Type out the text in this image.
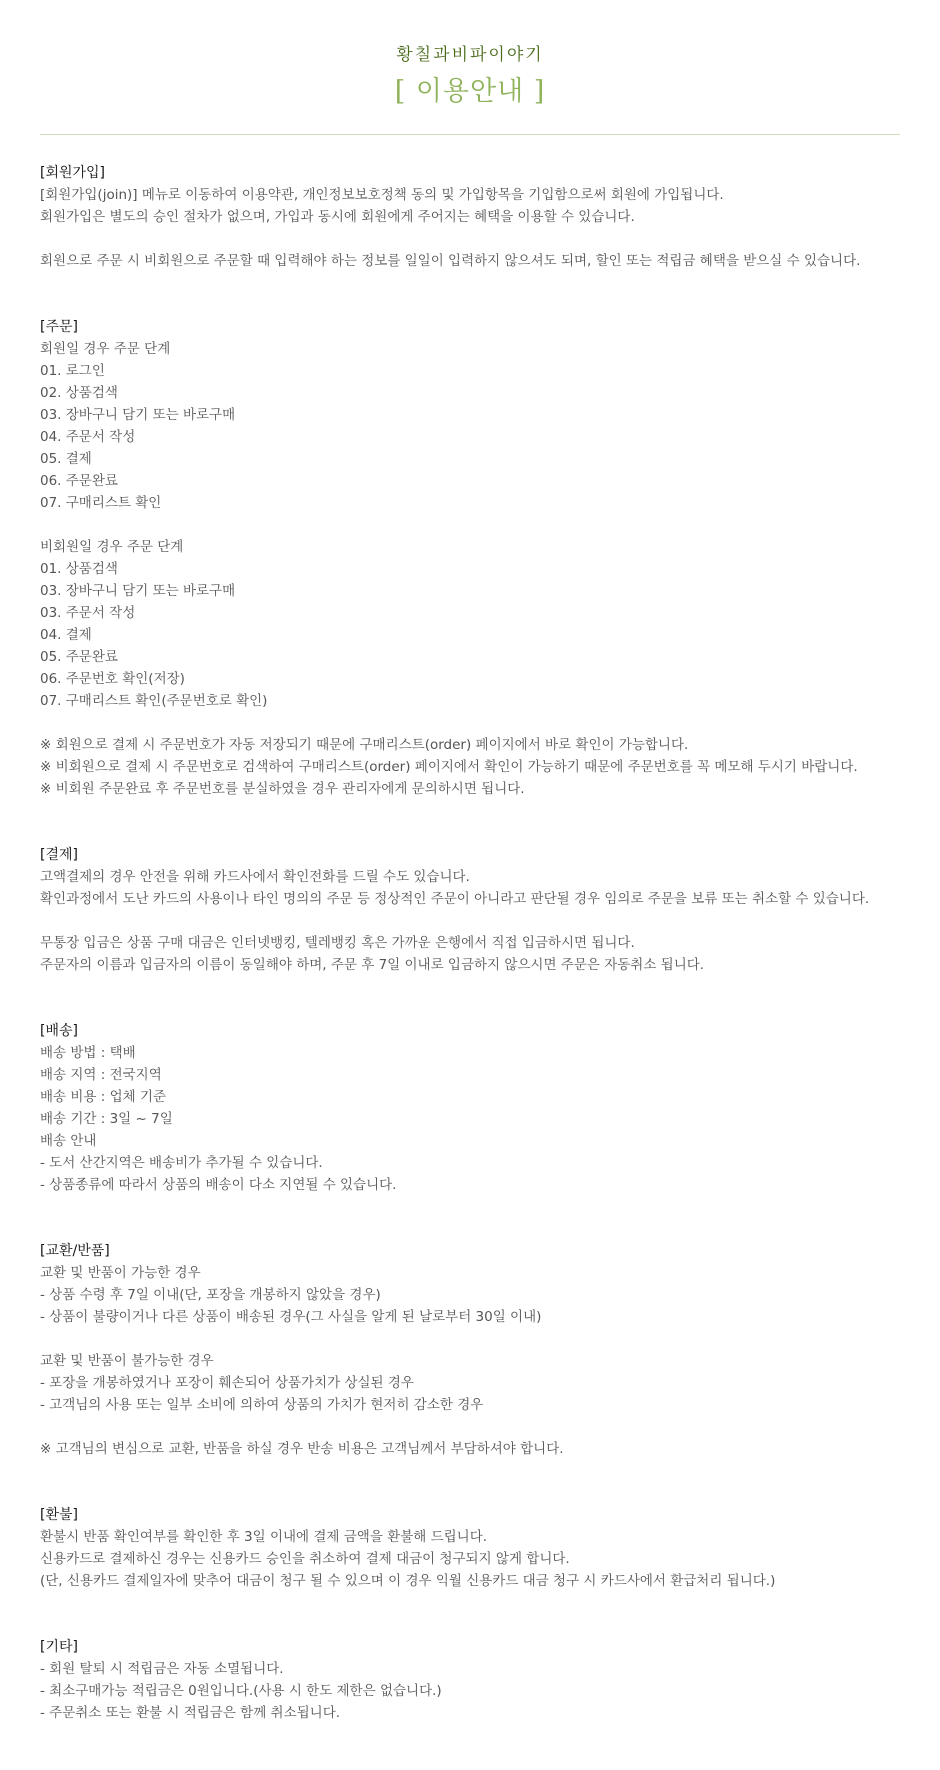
황칠과비파이야기
[ 이용안내 ]
[회원가입]
[회원가입(join)] 메뉴로 이동하여 이용약관, 개인정보보호정책 동의 및 가입항목을 기입함으로써 회원에 가입됩니다.
회원가입은 별도의 승인 절차가 없으며, 가입과 동시에 회원에게 주어지는 혜택을 이용할 수 있습니다.
회원으로 주문 시 비회원으로 주문할 때 입력해야 하는 정보를 일일이 입력하지 않으셔도 되며, 할인 또는 적립금 혜택을 받으실 수 있습니다.
[주문]
회원일 경우 주문 단계
01. 로그인
02. 상품검색
03. 장바구니 담기 또는 바로구매
04. 주문서 작성
05. 결제
06. 주문완료
07. 구매리스트 확인
비회원일 경우 주문 단계
01. 상품검색
03. 장바구니 담기 또는 바로구매
03. 주문서 작성
04. 결제
05. 주문완료
06. 주문번호 확인(저장)
07. 구매리스트 확인(주문번호로 확인)
※ 회원으로 결제 시 주문번호가 자동 저장되기 때문에 구매리스트(order) 페이지에서 바로 확인이 가능합니다.
※ 비회원으로 결제 시 주문번호로 검색하여 구매리스트(order) 페이지에서 확인이 가능하기 때문에 주문번호를 꼭 메모해 두시기 바랍니다.
※ 비회원 주문완료 후 주문번호를 분실하였을 경우 관리자에게 문의하시면 됩니다.
[결제]
고액결제의 경우 안전을 위해 카드사에서 확인전화를 드릴 수도 있습니다.
확인과정에서 도난 카드의 사용이나 타인 명의의 주문 등 정상적인 주문이 아니라고 판단될 경우 임의로 주문을 보류 또는 취소할 수 있습니다.
무통장 입금은 상품 구매 대금은 인터넷뱅킹, 텔레뱅킹 혹은 가까운 은행에서 직접 입금하시면 됩니다.
주문자의 이름과 입금자의 이름이 동일해야 하며, 주문 후 7일 이내로 입금하지 않으시면 주문은 자동취소 됩니다.
[배송]
배송 방법 : 택배
배송 지역 : 전국지역
배송 비용 : 업체 기준
배송 기간 : 3일 ~ 7일
배송 안내
- 도서 산간지역은 배송비가 추가될 수 있습니다.
- 상품종류에 따라서 상품의 배송이 다소 지연될 수 있습니다.
[교환/반품]
교환 및 반품이 가능한 경우
- 상품 수령 후 7일 이내(단, 포장을 개봉하지 않았을 경우)
- 상품이 불량이거나 다른 상품이 배송된 경우(그 사실을 알게 된 날로부터 30일 이내)
교환 및 반품이 불가능한 경우
- 포장을 개봉하였거나 포장이 훼손되어 상품가치가 상실된 경우
- 고객님의 사용 또는 일부 소비에 의하여 상품의 가치가 현저히 감소한 경우
※ 고객님의 변심으로 교환, 반품을 하실 경우 반송 비용은 고객님께서 부담하셔야 합니다.
[환불]
환불시 반품 확인여부를 확인한 후 3일 이내에 결제 금액을 환불해 드립니다.
신용카드로 결제하신 경우는 신용카드 승인을 취소하여 결제 대금이 청구되지 않게 합니다.
(단, 신용카드 결제일자에 맞추어 대금이 청구 될 수 있으며 이 경우 익월 신용카드 대금 청구 시 카드사에서 환급처리 됩니다.)
[기타]
- 회원 탈퇴 시 적립금은 자동 소멸됩니다.
- 최소구매가능 적립금은 0원입니다.(사용 시 한도 제한은 없습니다.)
- 주문취소 또는 환불 시 적립금은 함께 취소됩니다.
